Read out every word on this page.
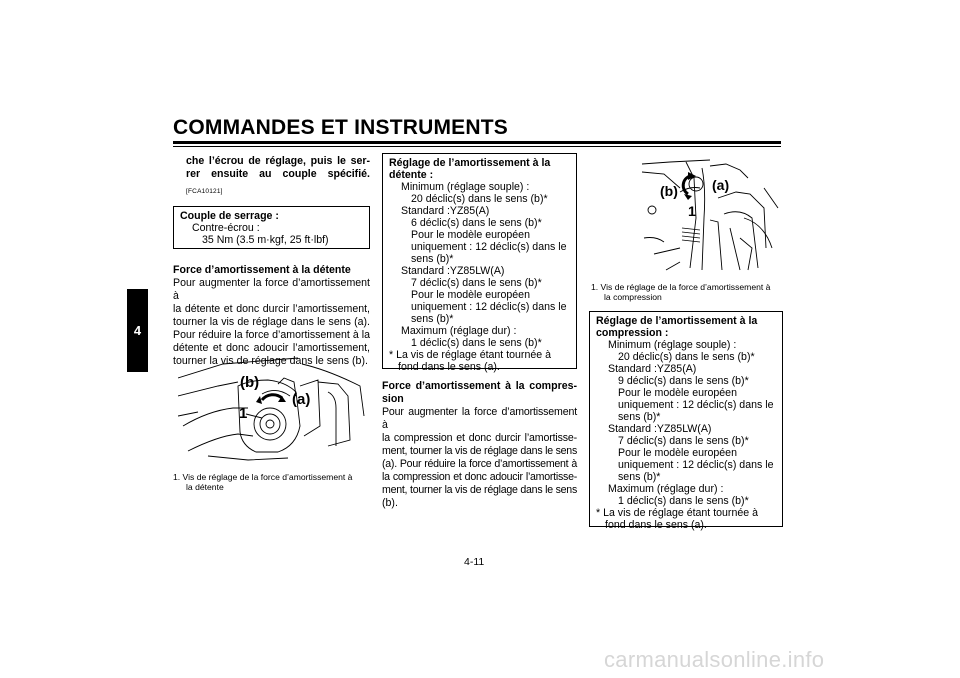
COMMANDES ET INSTRUMENTS
4
che l’écrou de réglage, puis le ser-
rer ensuite au couple spécifié.
[FCA10121]
Couple de serrage :
Contre-écrou :
35 Nm (3.5 m·kgf, 25 ft·lbf)
Force d’amortissement à la détente
Pour augmenter la force d’amortissement à
la détente et donc durcir l’amortissement,
tourner la vis de réglage dans le sens (a).
Pour réduire la force d’amortissement à la
détente et donc adoucir l’amortissement,
tourner la vis de réglage dans le sens (b).
(b)
(a)
1
1. Vis de réglage de la force d’amortissement à
la détente
Réglage de l’amortissement à la
détente :
Minimum (réglage souple) :
20 déclic(s) dans le sens (b)*
Standard :YZ85(A)
6 déclic(s) dans le sens (b)*
Pour le modèle européen
uniquement : 12 déclic(s) dans le
sens (b)*
Standard :YZ85LW(A)
7 déclic(s) dans le sens (b)*
Pour le modèle européen
uniquement : 12 déclic(s) dans le
sens (b)*
Maximum (réglage dur) :
1 déclic(s) dans le sens (b)*
* La vis de réglage étant tournée à
fond dans le sens (a).
Force d’amortissement à la compres-
sion
Pour augmenter la force d’amortissement à
la compression et donc durcir l’amortisse-
ment, tourner la vis de réglage dans le sens
(a). Pour réduire la force d’amortissement à
la compression et donc adoucir l’amortisse-
ment, tourner la vis de réglage dans le sens
(b).
(b) (a)
1
1. Vis de réglage de la force d’amortissement à
la compression
Réglage de l’amortissement à la
compression :
Minimum (réglage souple) :
20 déclic(s) dans le sens (b)*
Standard :YZ85(A)
9 déclic(s) dans le sens (b)*
Pour le modèle européen
uniquement : 12 déclic(s) dans le
sens (b)*
Standard :YZ85LW(A)
7 déclic(s) dans le sens (b)*
Pour le modèle européen
uniquement : 12 déclic(s) dans le
sens (b)*
Maximum (réglage dur) :
1 déclic(s) dans le sens (b)*
* La vis de réglage étant tournée à
fond dans le sens (a).
4-11
carmanualsonline.info
